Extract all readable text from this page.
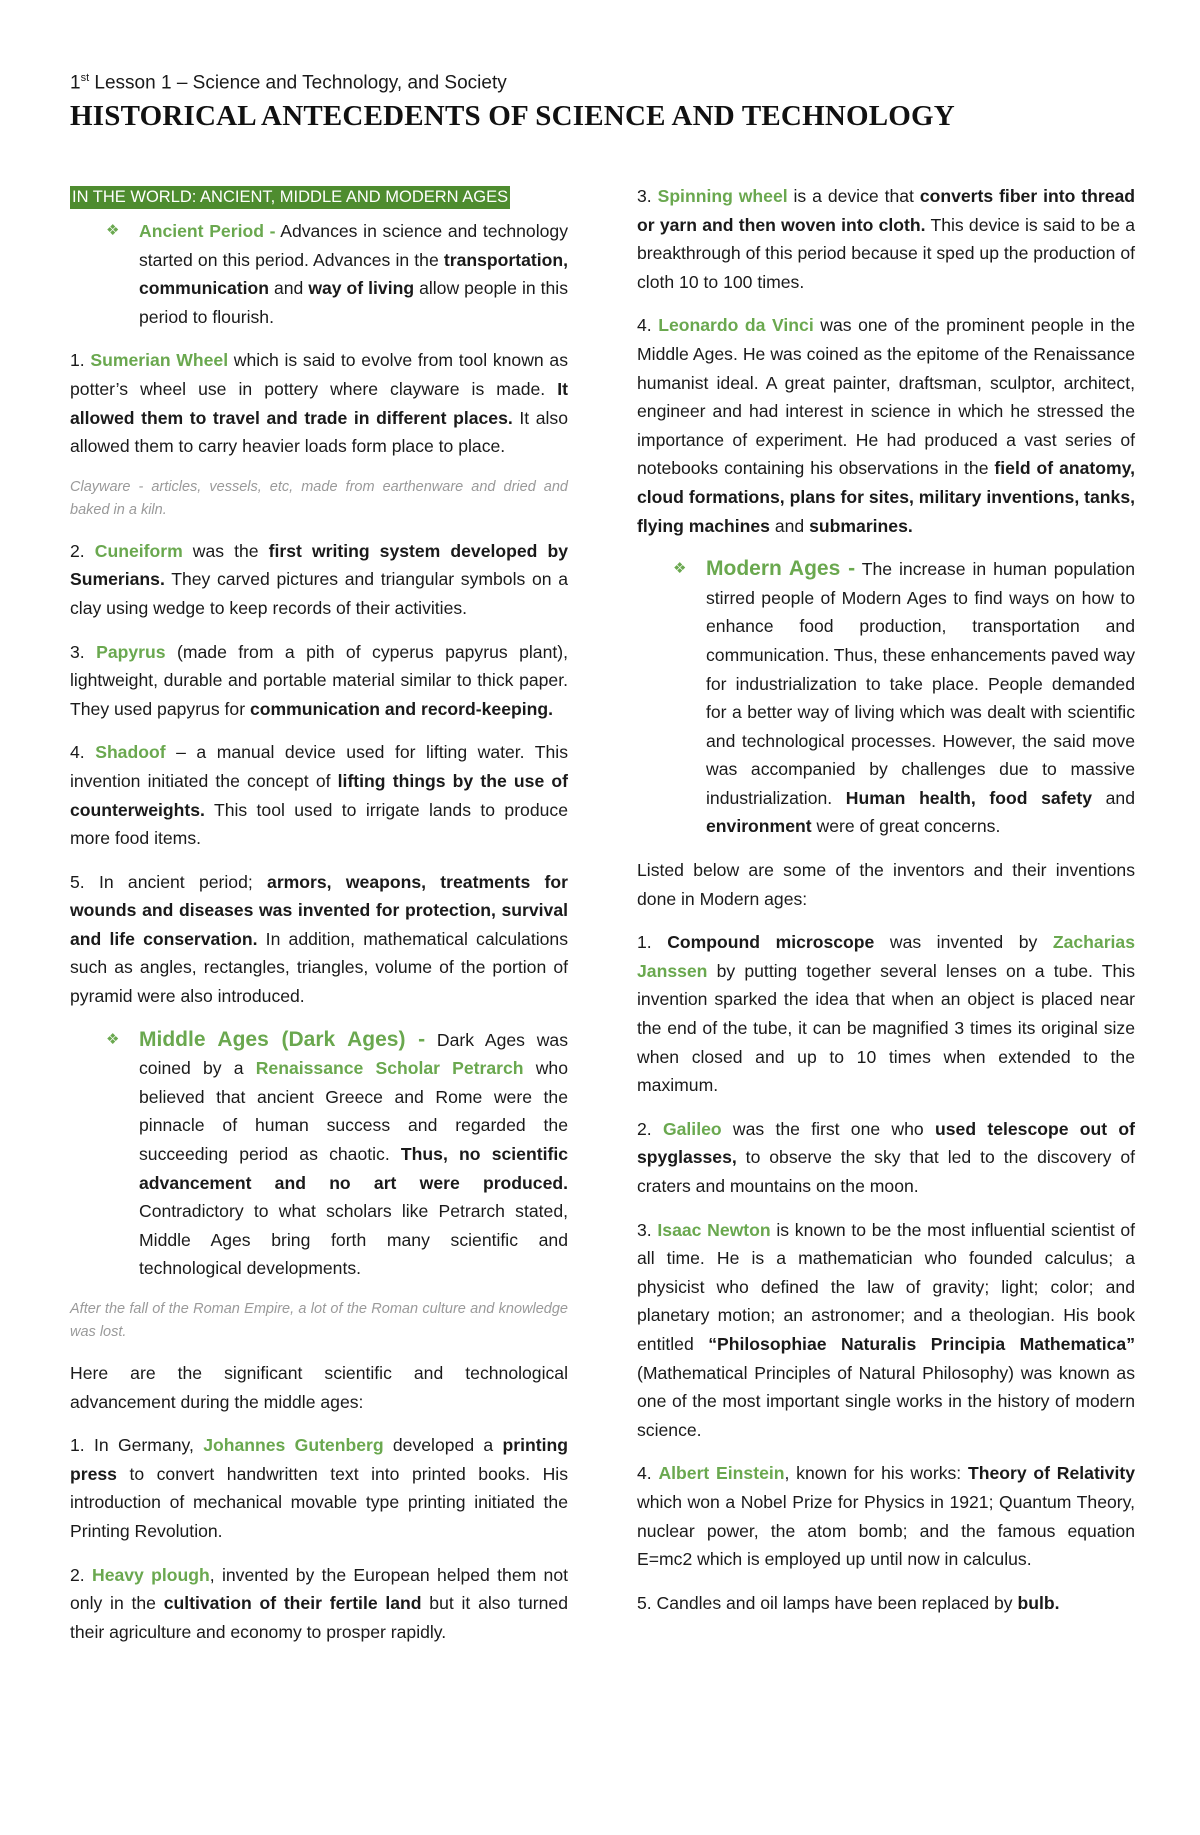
1st Lesson 1 – Science and Technology, and Society
HISTORICAL ANTECEDENTS OF SCIENCE AND TECHNOLOGY
IN THE WORLD: ANCIENT, MIDDLE AND MODERN AGES
❖	Ancient Period - Advances in science and technology started on this period. Advances in the transportation, communication and way of living allow people in this period to flourish.

1. Sumerian Wheel which is said to evolve from tool known as potter’s wheel use in pottery where clayware is made. It allowed them to travel and trade in different places. It also allowed them to carry heavier loads form place to place.

Clayware - articles, vessels, etc, made from earthenware and dried and baked in a kiln.

2. Cuneiform was the first writing system developed by Sumerians. They carved pictures and triangular symbols on a clay using wedge to keep records of their activities.

3. Papyrus (made from a pith of cyperus papyrus plant), lightweight, durable and portable material similar to thick paper. They used papyrus for communication and record-keeping.

4. Shadoof – a manual device used for lifting water. This invention initiated the concept of lifting things by the use of counterweights. This tool used to irrigate lands to produce more food items.

5. In ancient period; armors, weapons, treatments for wounds and diseases was invented for protection, survival and life conservation. In addition, mathematical calculations such as angles, rectangles, triangles, volume of the portion of pyramid were also introduced.

❖ Middle Ages (Dark Ages) - Dark Ages was coined by a Renaissance Scholar Petrarch who believed that ancient Greece and Rome were the pinnacle of human success and regarded the succeeding period as chaotic. Thus, no scientific advancement and no art were produced. Contradictory to what scholars like Petrarch stated, Middle Ages bring forth many scientific and technological developments.
After the fall of the Roman Empire, a lot of the Roman culture and knowledge was lost.

Here are the significant scientific and technological advancement during the middle ages:

1. In Germany, Johannes Gutenberg developed a printing press to convert handwritten text into printed books. His introduction of mechanical movable type printing initiated the Printing Revolution.

2. Heavy plough, invented by the European helped them not only in the cultivation of their fertile land but it also turned their agriculture and economy to prosper rapidly.

3. Spinning wheel is a device that converts fiber into thread or yarn and then woven into cloth. This device is said to be a breakthrough of this period because it sped up the production of cloth 10 to 100 times.

4. Leonardo da Vinci was one of the prominent people in the Middle Ages. He was coined as the epitome of the Renaissance humanist ideal. A great painter, draftsman, sculptor, architect, engineer and had interest in science in which he stressed the importance of experiment. He had produced a vast series of notebooks containing his observations in the field of anatomy, cloud formations, plans for sites, military inventions, tanks, flying machines and submarines.

❖ Modern Ages - The increase in human population stirred people of Modern Ages to find ways on how to enhance food production, transportation and communication. Thus, these enhancements paved way for industrialization to take place. People demanded for a better way of living which was dealt with scientific and technological processes. However, the said move was accompanied by challenges due to massive industrialization. Human health, food safety and environment were of great concerns.

Listed below are some of the inventors and their inventions done in Modern ages:

1. Compound microscope was invented by Zacharias Janssen by putting together several lenses on a tube. This invention sparked the idea that when an object is placed near the end of the tube, it can be magnified 3 times its original size when closed and up to 10 times when extended to the maximum.

2. Galileo was the first one who used telescope out of spyglasses, to observe the sky that led to the discovery of craters and mountains on the moon.

3. Isaac Newton is known to be the most influential scientist of all time. He is a mathematician who founded calculus; a physicist who defined the law of gravity; light; color; and planetary motion; an astronomer; and a theologian. His book entitled “Philosophiae Naturalis Principia Mathematica” (Mathematical Principles of Natural Philosophy) was known as one of the most important single works in the history of modern science.

4. Albert Einstein, known for his works: Theory of Relativity which won a Nobel Prize for Physics in 1921; Quantum Theory, nuclear power, the atom bomb; and the famous equation E=mc2 which is employed up until now in calculus.

5. Candles and oil lamps have been replaced by bulb.
